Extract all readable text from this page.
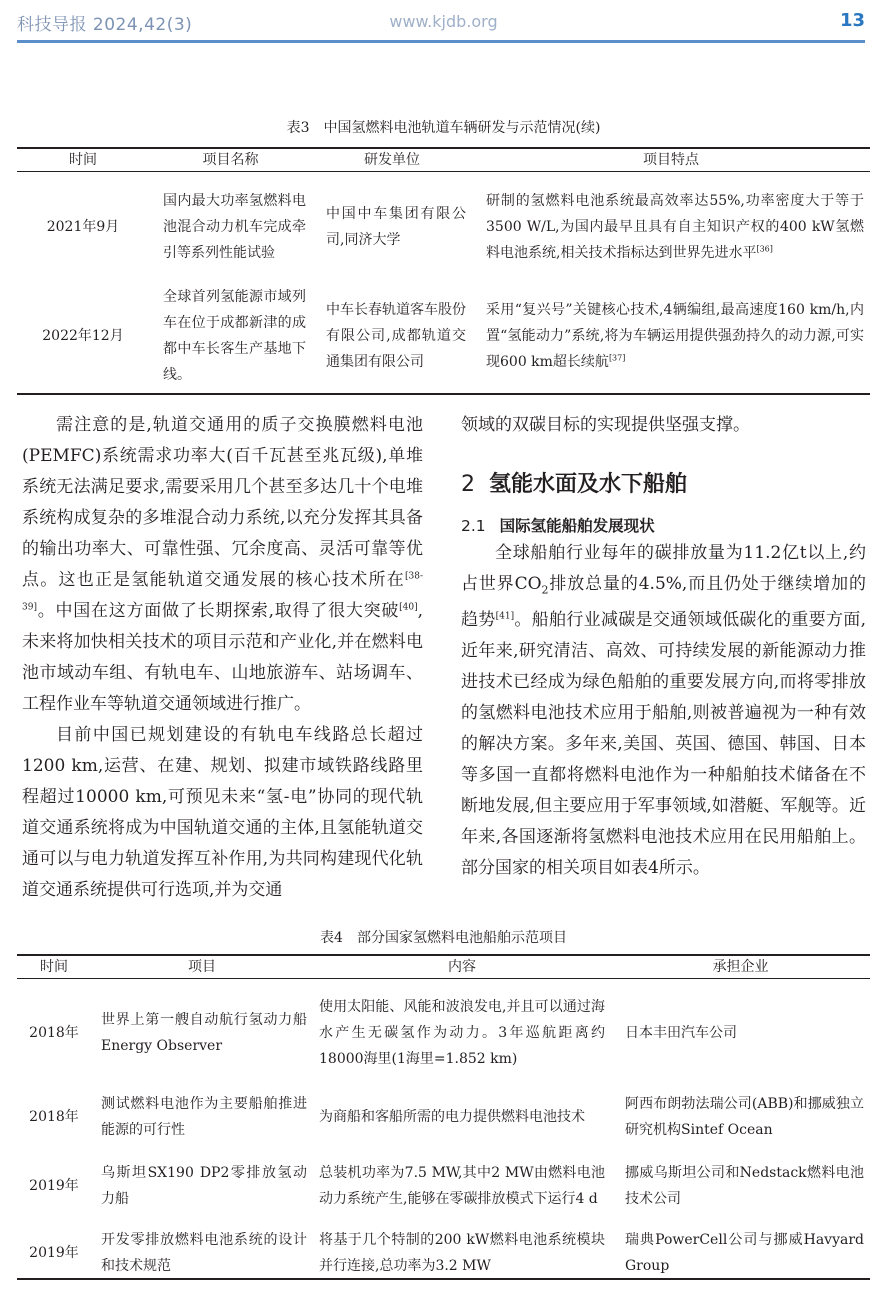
科技导报 2024,42(3)	www.kjdb.org	13
表3　中国氢燃料电池轨道车辆研发与示范情况(续)
时间	项目名称	研发单位	项目特点
2021年9月	国内最大功率氢燃料电池混合动力机车完成牵引等系列性能试验	中国中车集团有限公司,同济大学	研制的氢燃料电池系统最高效率达55%,功率密度大于等于3500 W/L,为国内最早且具有自主知识产权的400 kW氢燃料电池系统,相关技术指标达到世界先进水平[36]
2022年12月	全球首列氢能源市域列车在位于成都新津的成都中车长客生产基地下线。	中车长春轨道客车股份有限公司,成都轨道交通集团有限公司	采用“复兴号”关键核心技术,4辆编组,最高速度160 km/h,内置“氢能动力”系统,将为车辆运用提供强劲持久的动力源,可实现600 km超长续航[37]

需注意的是,轨道交通用的质子交换膜燃料电池(PEMFC)系统需求功率大(百千瓦甚至兆瓦级),单堆系统无法满足要求,需要采用几个甚至多达几十个电堆系统构成复杂的多堆混合动力系统,以充分发挥其具备的输出功率大、可靠性强、冗余度高、灵活可靠等优点。这也正是氢能轨道交通发展的核心技术所在[38-39]。中国在这方面做了长期探索,取得了很大突破[40],未来将加快相关技术的项目示范和产业化,并在燃料电池市域动车组、有轨电车、山地旅游车、站场调车、工程作业车等轨道交通领域进行推广。

目前中国已规划建设的有轨电车线路总长超过1200 km,运营、在建、规划、拟建市域铁路线路里程超过10000 km,可预见未来“氢-电”协同的现代轨道交通系统将成为中国轨道交通的主体,且氢能轨道交通可以与电力轨道发挥互补作用,为共同构建现代化轨道交通系统提供可行选项,并为交通

领域的双碳目标的实现提供坚强支撑。

2 氢能水面及水下船舶
2.1 国际氢能船舶发展现状

全球船舶行业每年的碳排放量为11.2亿t以上,约占世界$CO_2$排放总量的4.5%,而且仍处于继续增加的趋势[41]。船舶行业减碳是交通领域低碳化的重要方面,近年来,研究清洁、高效、可持续发展的新能源动力推进技术已经成为绿色船舶的重要发展方向,而将零排放的氢燃料电池技术应用于船舶,则被普遍视为一种有效的解决方案。多年来,美国、英国、德国、韩国、日本等多国一直都将燃料电池作为一种船舶技术储备在不断地发展,但主要应用于军事领域,如潜艇、军舰等。近年来,各国逐渐将氢燃料电池技术应用在民用船舶上。部分国家的相关项目如表4所示。

表4　部分国家氢燃料电池船舶示范项目
时间	项目	内容	承担企业
2018年	世界上第一艘自动航行氢动力船Energy Observer	使用太阳能、风能和波浪发电,并且可以通过海水产生无碳氢作为动力。3年巡航距离约18000海里(1海里=1.852 km)	日本丰田汽车公司
2018年	测试燃料电池作为主要船舶推进能源的可行性	为商船和客船所需的电力提供燃料电池技术	阿西布朗勃法瑞公司(ABB)和挪威独立研究机构Sintef Ocean
2019年	乌斯坦SX190 DP2零排放氢动力船	总装机功率为7.5 MW,其中2 MW由燃料电池动力系统产生,能够在零碳排放模式下运行4 d	挪威乌斯坦公司和Nedstack燃料电池技术公司
2019年	开发零排放燃料电池系统的设计和技术规范	将基于几个特制的200 kW燃料电池系统模块并行连接,总功率为3.2 MW	瑞典PowerCell公司与挪威Havyard Group
